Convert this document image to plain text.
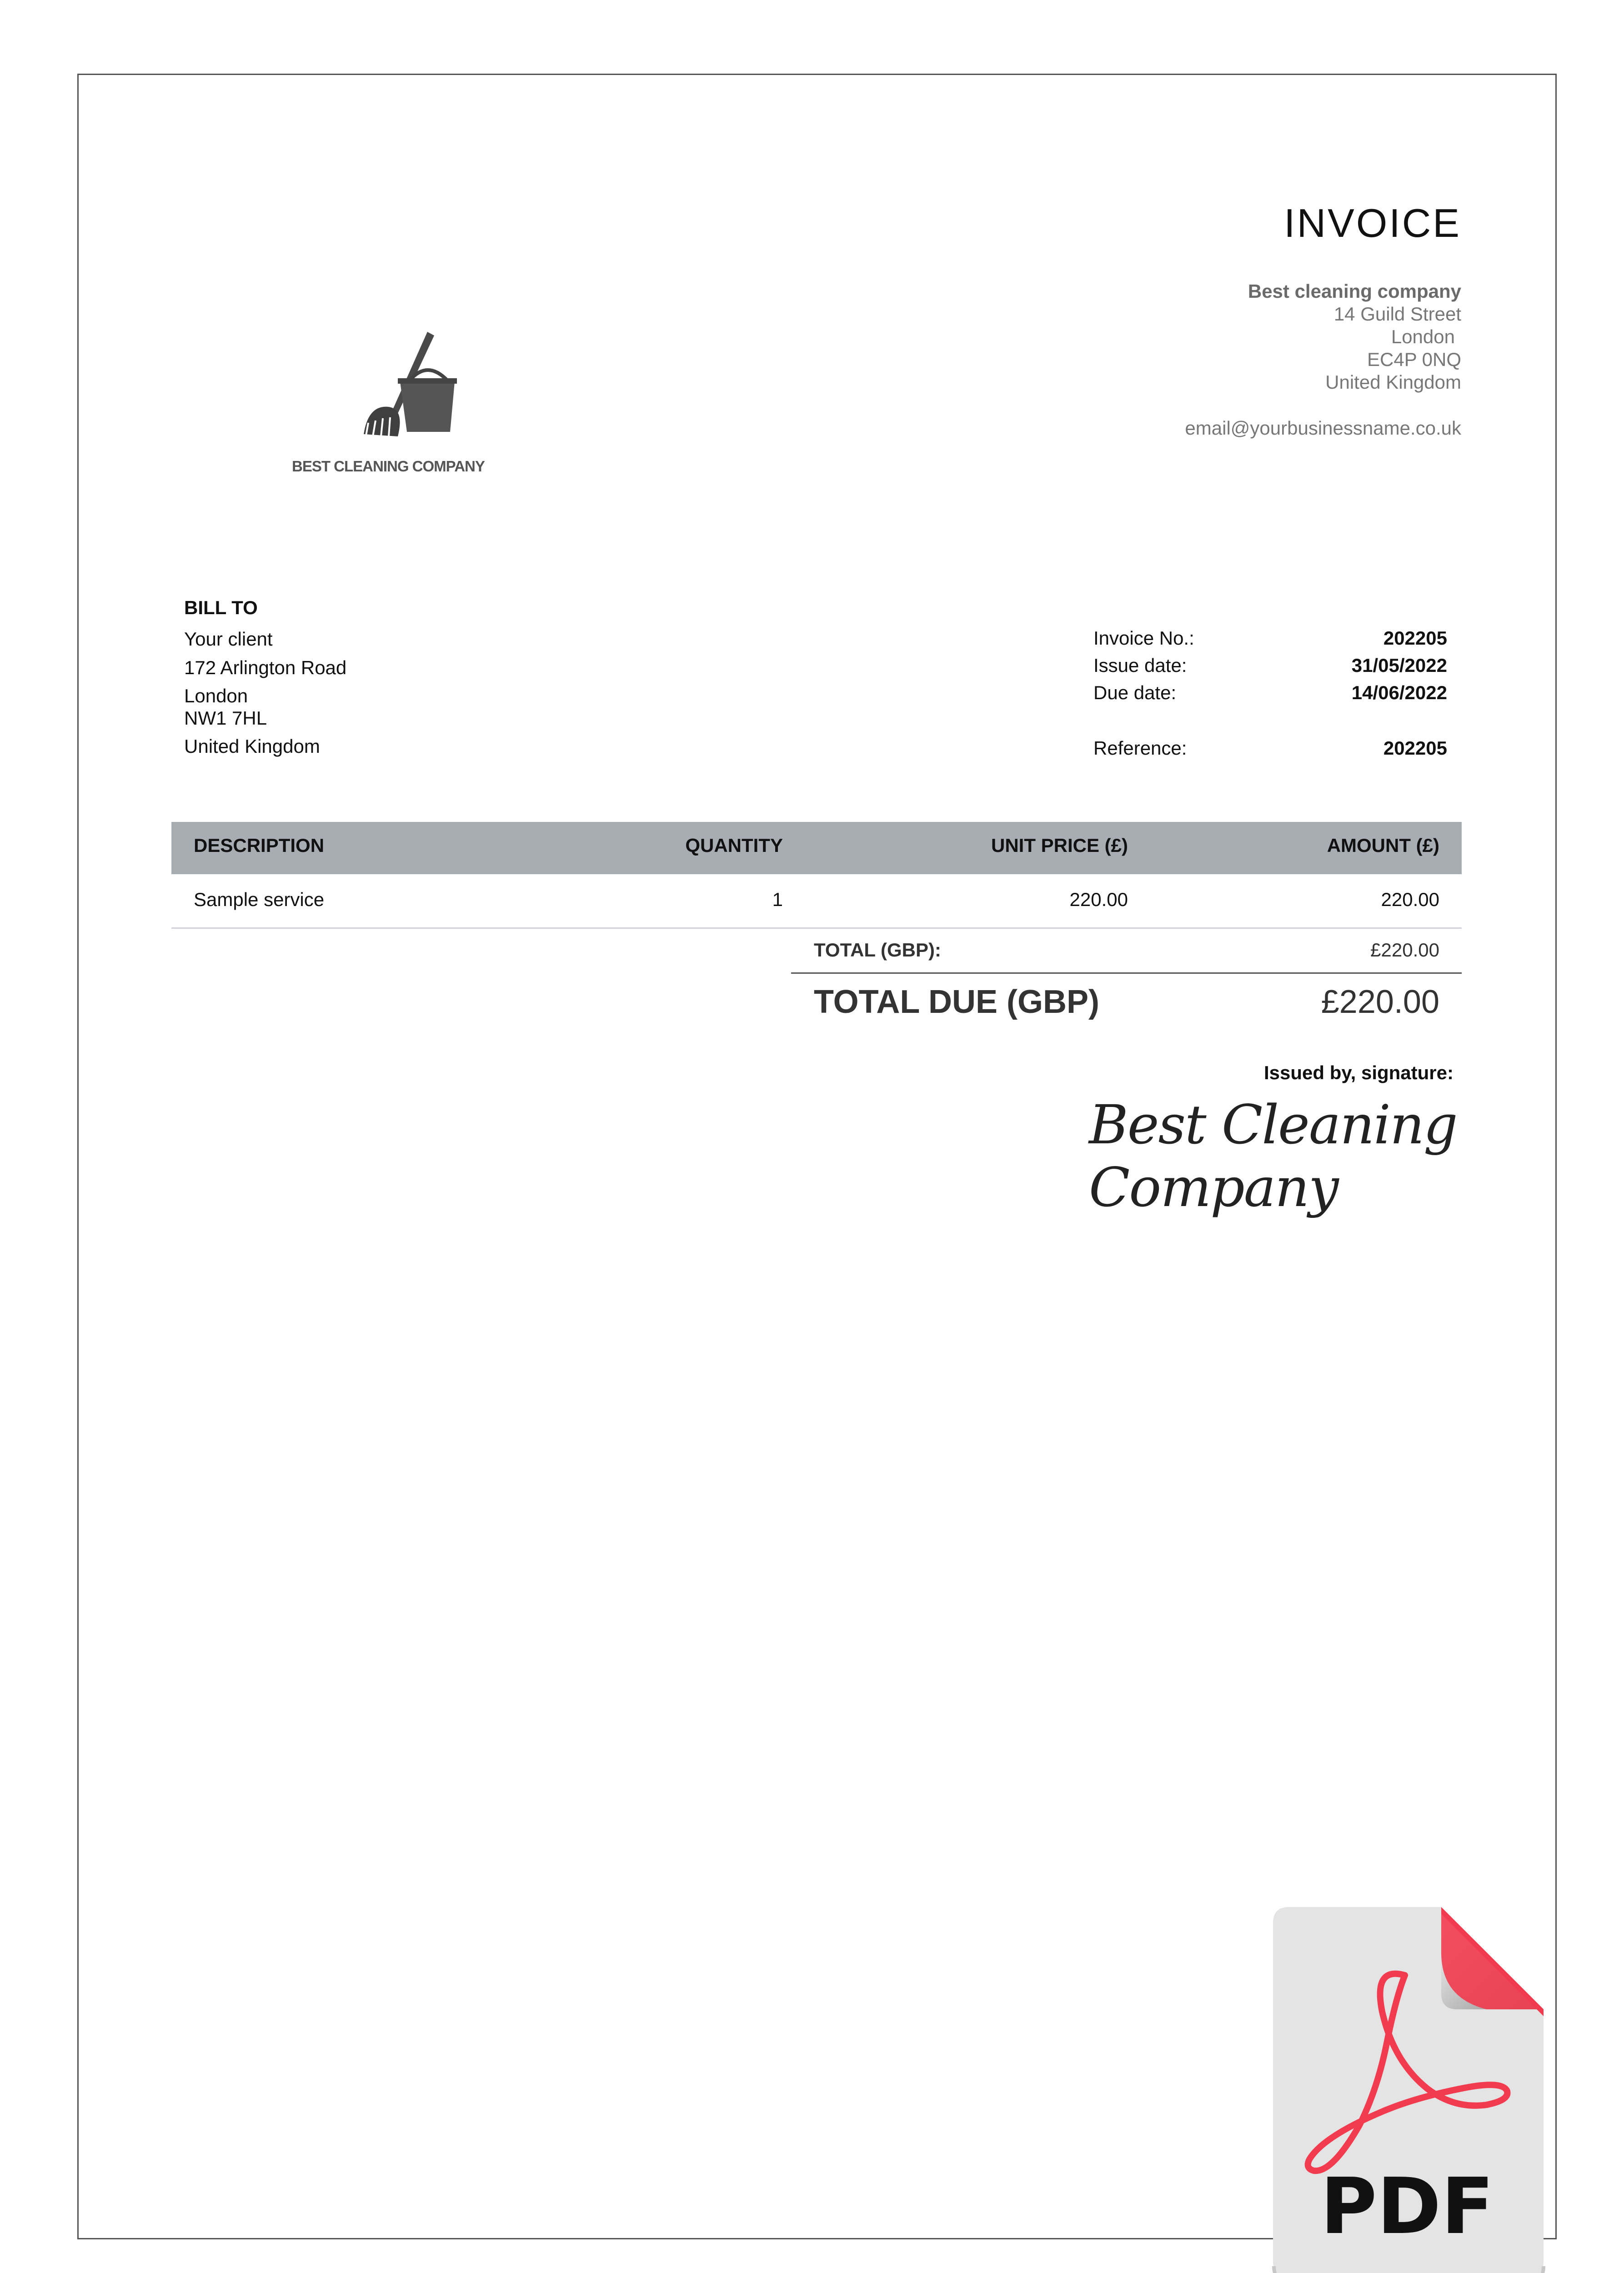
INVOICE
Best cleaning company
14 Guild Street
London
EC4P 0NQ
United Kingdom
email@yourbusinessname.co.uk
BEST CLEANING COMPANY
BILL TO
Your client
172 Arlington Road
London
NW1 7HL
United Kingdom
Invoice No.:	202205
Issue date:	31/05/2022
Due date:	14/06/2022
Reference:	202205
DESCRIPTION	QUANTITY	UNIT PRICE (£)	AMOUNT (£)
Sample service	1	220.00	220.00
TOTAL (GBP):	£220.00
TOTAL DUE (GBP)	£220.00
Issued by, signature:
Best Cleaning Company
PDF
